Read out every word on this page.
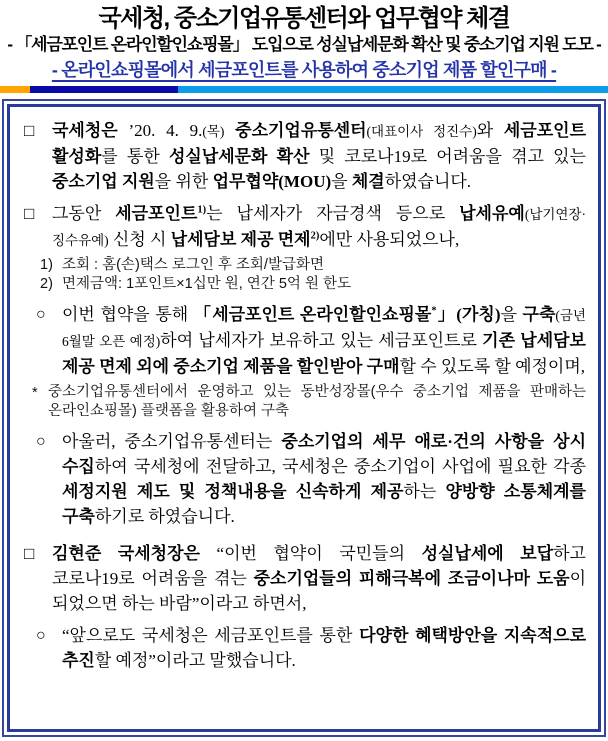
국세청, 중소기업유통센터와 업무협약 체결
- 「세금포인트 온라인할인쇼핑몰」 도입으로 성실납세문화 확산 및 중소기업 지원 도모 -
- 온라인쇼핑몰에서 세금포인트를 사용하여 중소기업 제품 할인구매 -
□ 국세청은 ’20. 4. 9.(목) 중소기업유통센터(대표이사 정진수)와 세금포인트 활성화를 통한 성실납세문화 확산 및 코로나19로 어려움을 겪고 있는 중소기업 지원을 위한 업무협약(MOU)을 체결하였습니다.
□ 그동안 세금포인트$^{1)}$는 납세자가 자금경색 등으로 납세유예(납기연장·징수유예) 신청 시 납세담보 제공 면제$^{2)}$에만 사용되었으나,
1) 조회 : 홈(손)택스 로그인 후 조회/발급화면
2) 면제금액: 1포인트×1십만 원, 연간 5억 원 한도
○ 이번 협약을 통해 「세금포인트 온라인할인쇼핑몰*」(가칭)을 구축(금년 6월말 오픈 예정)하여 납세자가 보유하고 있는 세금포인트로 기존 납세담보 제공 면제 외에 중소기업 제품을 할인받아 구매할 수 있도록 할 예정이며,
* 중소기업유통센터에서 운영하고 있는 동반성장몰(우수 중소기업 제품을 판매하는 온라인쇼핑몰) 플랫폼을 활용하여 구축
○ 아울러, 중소기업유통센터는 중소기업의 세무 애로·건의 사항을 상시 수집하여 국세청에 전달하고, 국세청은 중소기업이 사업에 필요한 각종 세정지원 제도 및 정책내용을 신속하게 제공하는 양방향 소통체계를 구축하기로 하였습니다.
□ 김현준 국세청장은 “이번 협약이 국민들의 성실납세에 보답하고 코로나19로 어려움을 겪는 중소기업들의 피해극복에 조금이나마 도움이 되었으면 하는 바람”이라고 하면서,
○ “앞으로도 국세청은 세금포인트를 통한 다양한 혜택방안을 지속적으로 추진할 예정”이라고 말했습니다.
